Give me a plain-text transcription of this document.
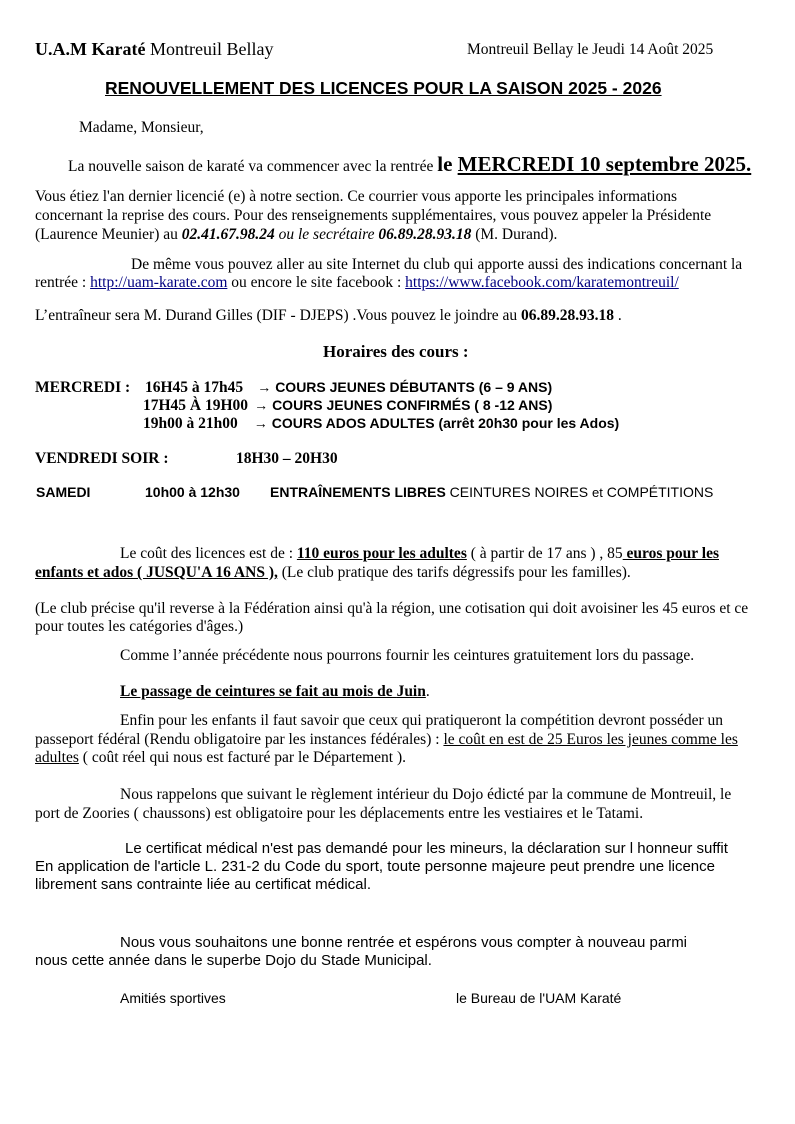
U.A.M Karaté Montreuil Bellay	Montreuil Bellay le Jeudi 14 Août 2025
RENOUVELLEMENT DES LICENCES POUR LA SAISON 2025 - 2026
Madame, Monsieur,
La nouvelle saison de karaté va commencer avec la rentrée le MERCREDI 10 septembre 2025.
Vous étiez l'an dernier licencié (e) à notre section. Ce courrier vous apporte les principales informations
concernant la reprise des cours. Pour des renseignements supplémentaires, vous pouvez appeler la Présidente
(Laurence Meunier) au 02.41.67.98.24 ou le secrétaire 06.89.28.93.18 (M. Durand).
De même vous pouvez aller au site Internet du club qui apporte aussi des indications concernant la
rentrée : http://uam-karate.com ou encore le site facebook : https://www.facebook.com/karatemontreuil/
L’entraîneur sera M. Durand Gilles (DIF - DJEPS) .Vous pouvez le joindre au 06.89.28.93.18 .
Horaires des cours :
MERCREDI : 16H45 à 17h45 → COURS JEUNES DÉBUTANTS (6 – 9 ANS)
17H45 À 19H00 → COURS JEUNES CONFIRMÉS ( 8 -12 ANS)
19h00 à 21h00 → COURS ADOS ADULTES (arrêt 20h30 pour les Ados)
VENDREDI SOIR :	18H30 – 20H30
SAMEDI	10h00 à 12h30 ENTRAÎNEMENTS LIBRES CEINTURES NOIRES et COMPÉTITIONS
Le coût des licences est de : 110 euros pour les adultes ( à partir de 17 ans ) , 85 euros pour les
enfants et ados ( JUSQU'A 16 ANS ), (Le club pratique des tarifs dégressifs pour les familles).
(Le club précise qu'il reverse à la Fédération ainsi qu'à la région, une cotisation qui doit avoisiner les 45 euros et ce
pour toutes les catégories d'âges.)
Comme l’année précédente nous pourrons fournir les ceintures gratuitement lors du passage.
Le passage de ceintures se fait au mois de Juin.
Enfin pour les enfants il faut savoir que ceux qui pratiqueront la compétition devront posséder un
passeport fédéral (Rendu obligatoire par les instances fédérales) : le coût en est de 25 Euros les jeunes comme les
adultes ( coût réel qui nous est facturé par le Département ).
Nous rappelons que suivant le règlement intérieur du Dojo édicté par la commune de Montreuil, le
port de Zoories ( chaussons) est obligatoire pour les déplacements entre les vestiaires et le Tatami.
Le certificat médical n'est pas demandé pour les mineurs, la déclaration sur l honneur suffit
En application de l'article L. 231-2 du Code du sport, toute personne majeure peut prendre une licence
librement sans contrainte liée au certificat médical.
Nous vous souhaitons une bonne rentrée et espérons vous compter à nouveau parmi
nous cette année dans le superbe Dojo du Stade Municipal.
Amitiés sportives	le Bureau de l'UAM Karaté
